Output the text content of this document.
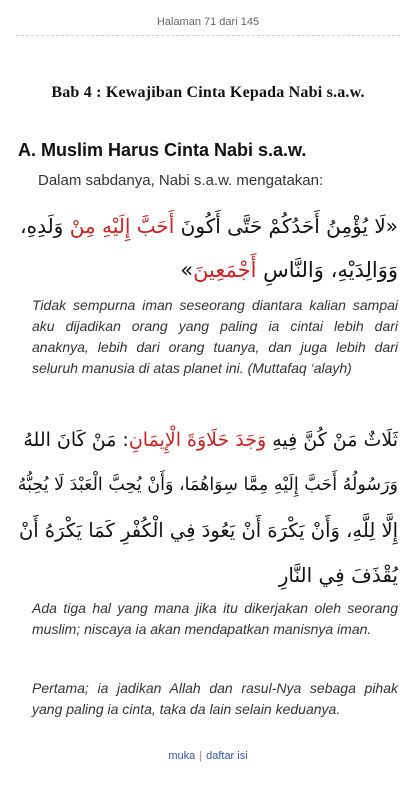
Halaman 71 dari 145
Bab 4 : Kewajiban Cinta Kepada Nabi s.a.w.
A. Muslim Harus Cinta Nabi s.a.w.
Dalam sabdanya, Nabi s.a.w. mengatakan:
«لَا يُؤْمِنُ أَحَدُكُمْ حَتَّى أَكُونَ أَحَبَّ إِلَيْهِ مِنْ وَلَدِهِ،
وَوَالِدَيْهِ، وَالنَّاسِ أَجْمَعِينَ»

Tidak sempurna iman seseorang diantara kalian sampai aku dijadikan orang yang paling ia cintai lebih dari anaknya, lebih dari orang tuanya, dan juga lebih dari seluruh manusia di atas planet ini. (Muttafaq ‘alayh)

ثَلَاثٌ مَنْ كُنَّ فِيهِ وَجَدَ حَلَاوَةَ الْإِيمَانِ: مَنْ كَانَ اللهُ
وَرَسُولُهُ أَحَبَّ إِلَيْهِ مِمَّا سِوَاهُمَا، وَأَنْ يُحِبَّ الْعَبْدَ لَا يُحِبُّهُ
إِلَّا لِلَّهِ، وَأَنْ يَكْرَهَ أَنْ يَعُودَ فِي الْكُفْرِ كَمَا يَكْرَهُ أَنْ
يُقْذَفَ فِي النَّارِ

Ada tiga hal yang mana jika itu dikerjakan oleh seorang muslim; niscaya ia akan mendapatkan manisnya iman.

Pertama; ia jadikan Allah dan rasul-Nya sebaga pihak yang paling ia cinta, taka da lain selain keduanya.

muka | daftar isi
